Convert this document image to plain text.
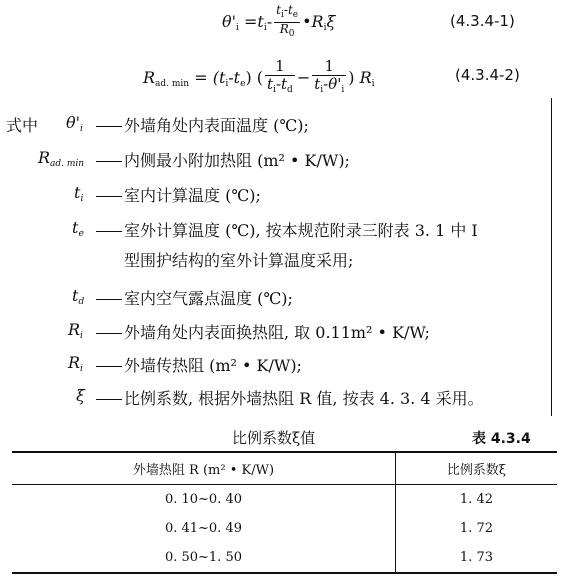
$\theta'_i =t_i- \frac{t_i-t_e}{R_0}$ $•R_i\xi$	(4.3.4-1)
$R_{ad. min} = (t_i-t_e)$ ( $\frac{1}{t_i-t_d} - \frac{1}{t_i-\theta'_i}$ ) $R_i$	(4.3.4-2)
式中 $\theta'_i$	外墙角处内表面温度 (℃);
$R_{ad. min}$	内侧最小附加热阻 (m² • K/W);
$t_i$	室内计算温度 (℃);
$t_e$	室外计算温度 (℃), 按本规范附录三附表 3. 1 中 I
型围护结构的室外计算温度采用;
$t_d$	室内空气露点温度 (℃);
$R_i$	外墙角处内表面换热阻, 取 0.11m² • K/W;
$R_i$	外墙传热阻 (m² • K/W);
ξ	比例系数, 根据外墙热阻 R 值, 按表 4. 3. 4 采用。
比例系数ξ值	表 4.3.4
外墙热阻 R (m² • K/W)	比例系数ξ
0. 10~0. 40	1. 42
0. 41~0. 49	1. 72
0. 50~1. 50	1. 73
